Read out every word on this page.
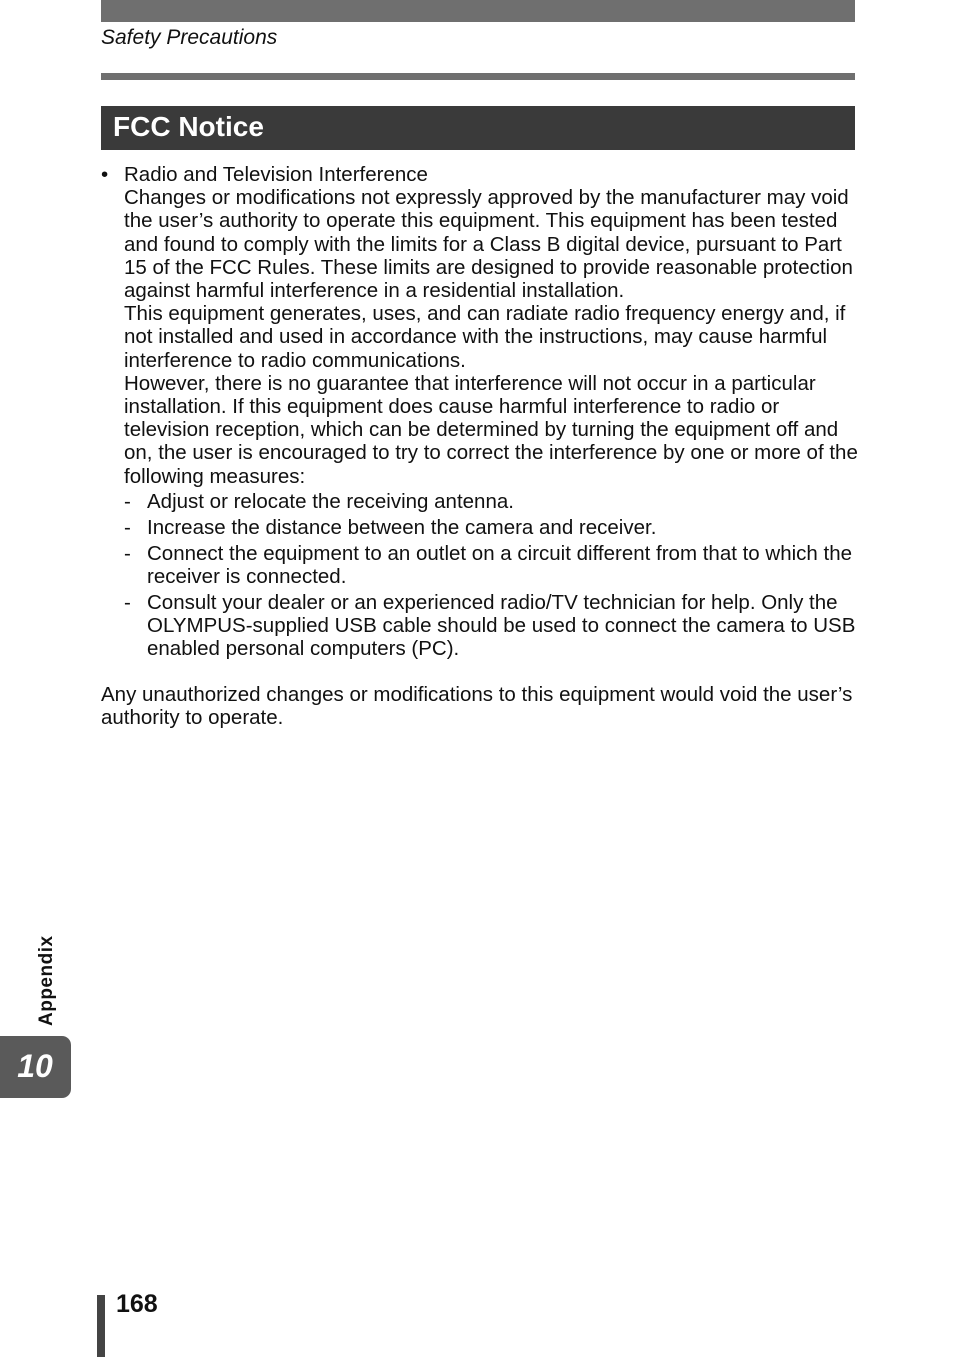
Safety Precautions
FCC Notice
• Radio and Television Interference
Changes or modifications not expressly approved by the manufacturer may void the user’s authority to operate this equipment. This equipment has been tested and found to comply with the limits for a Class B digital device, pursuant to Part 15 of the FCC Rules. These limits are designed to provide reasonable protection against harmful interference in a residential installation.
This equipment generates, uses, and can radiate radio frequency energy and, if not installed and used in accordance with the instructions, may cause harmful interference to radio communications.
However, there is no guarantee that interference will not occur in a particular installation. If this equipment does cause harmful interference to radio or television reception, which can be determined by turning the equipment off and on, the user is encouraged to try to correct the interference by one or more of the following measures:
- Adjust or relocate the receiving antenna.
- Increase the distance between the camera and receiver.
- Connect the equipment to an outlet on a circuit different from that to which the receiver is connected.
- Consult your dealer or an experienced radio/TV technician for help. Only the OLYMPUS-supplied USB cable should be used to connect the camera to USB enabled personal computers (PC).
Any unauthorized changes or modifications to this equipment would void the user’s authority to operate.
Appendix
10
168
